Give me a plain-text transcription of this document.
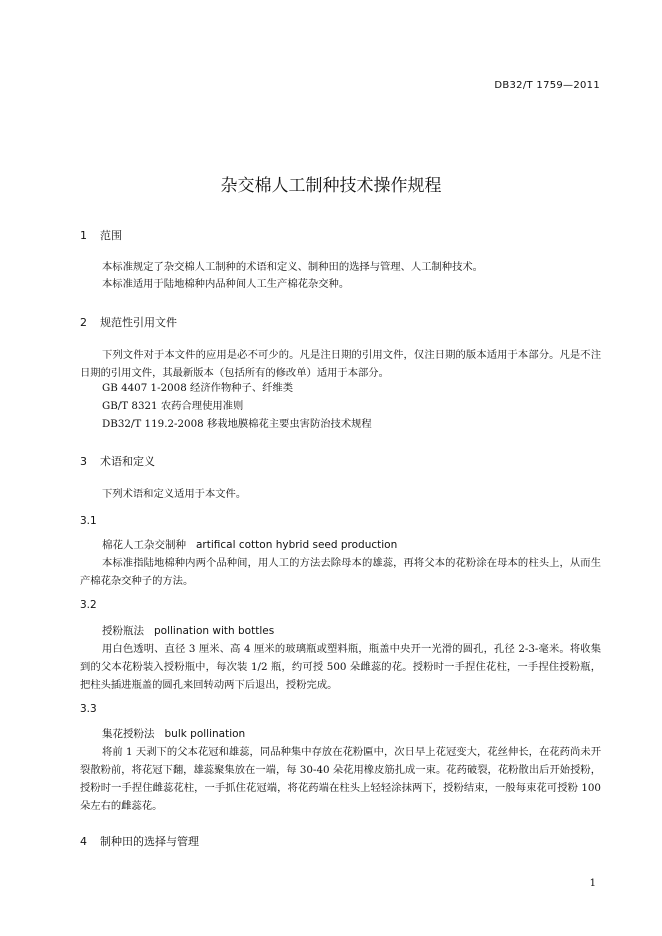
DB32/T 1759—2011
杂交棉人工制种技术操作规程
1 范围
本标准规定了杂交棉人工制种的术语和定义、制种田的选择与管理、人工制种技术。
本标准适用于陆地棉种内品种间人工生产棉花杂交种。
2 规范性引用文件
下列文件对于本文件的应用是必不可少的。凡是注日期的引用文件，仅注日期的版本适用于本部分。凡是不注日期的引用文件，其最新版本（包括所有的修改单）适用于本部分。
GB 4407 1-2008 经济作物种子、纤维类
GB/T 8321 农药合理使用准则
DB32/T 119.2-2008 移栽地膜棉花主要虫害防治技术规程
3 术语和定义
下列术语和定义适用于本文件。
3.1
棉花人工杂交制种 artifical cotton hybrid seed production
本标准指陆地棉种内两个品种间，用人工的方法去除母本的雄蕊，再将父本的花粉涂在母本的柱头上，从而生产棉花杂交种子的方法。
3.2
授粉瓶法 pollination with bottles
用白色透明、直径 3 厘米、高 4 厘米的玻璃瓶或塑料瓶，瓶盖中央开一光滑的圆孔，孔径 2-3-毫米。将收集到的父本花粉装入授粉瓶中，每次装 1/2 瓶，约可授 500 朵雌蕊的花。授粉时一手捏住花柱，一手捏住授粉瓶，把柱头插进瓶盖的圆孔来回转动两下后退出，授粉完成。
3.3
集花授粉法 bulk pollination
将前 1 天剥下的父本花冠和雄蕊，同品种集中存放在花粉匾中，次日早上花冠变大，花丝伸长，在花药尚未开裂散粉前，将花冠下翻，雄蕊聚集放在一端，每 30-40 朵花用橡皮筋扎成一束。花药破裂，花粉散出后开始授粉，授粉时一手捏住雌蕊花柱，一手抓住花冠端，将花药端在柱头上轻轻涂抹两下，授粉结束，一般每束花可授粉 100 朵左右的雌蕊花。
4 制种田的选择与管理
1
